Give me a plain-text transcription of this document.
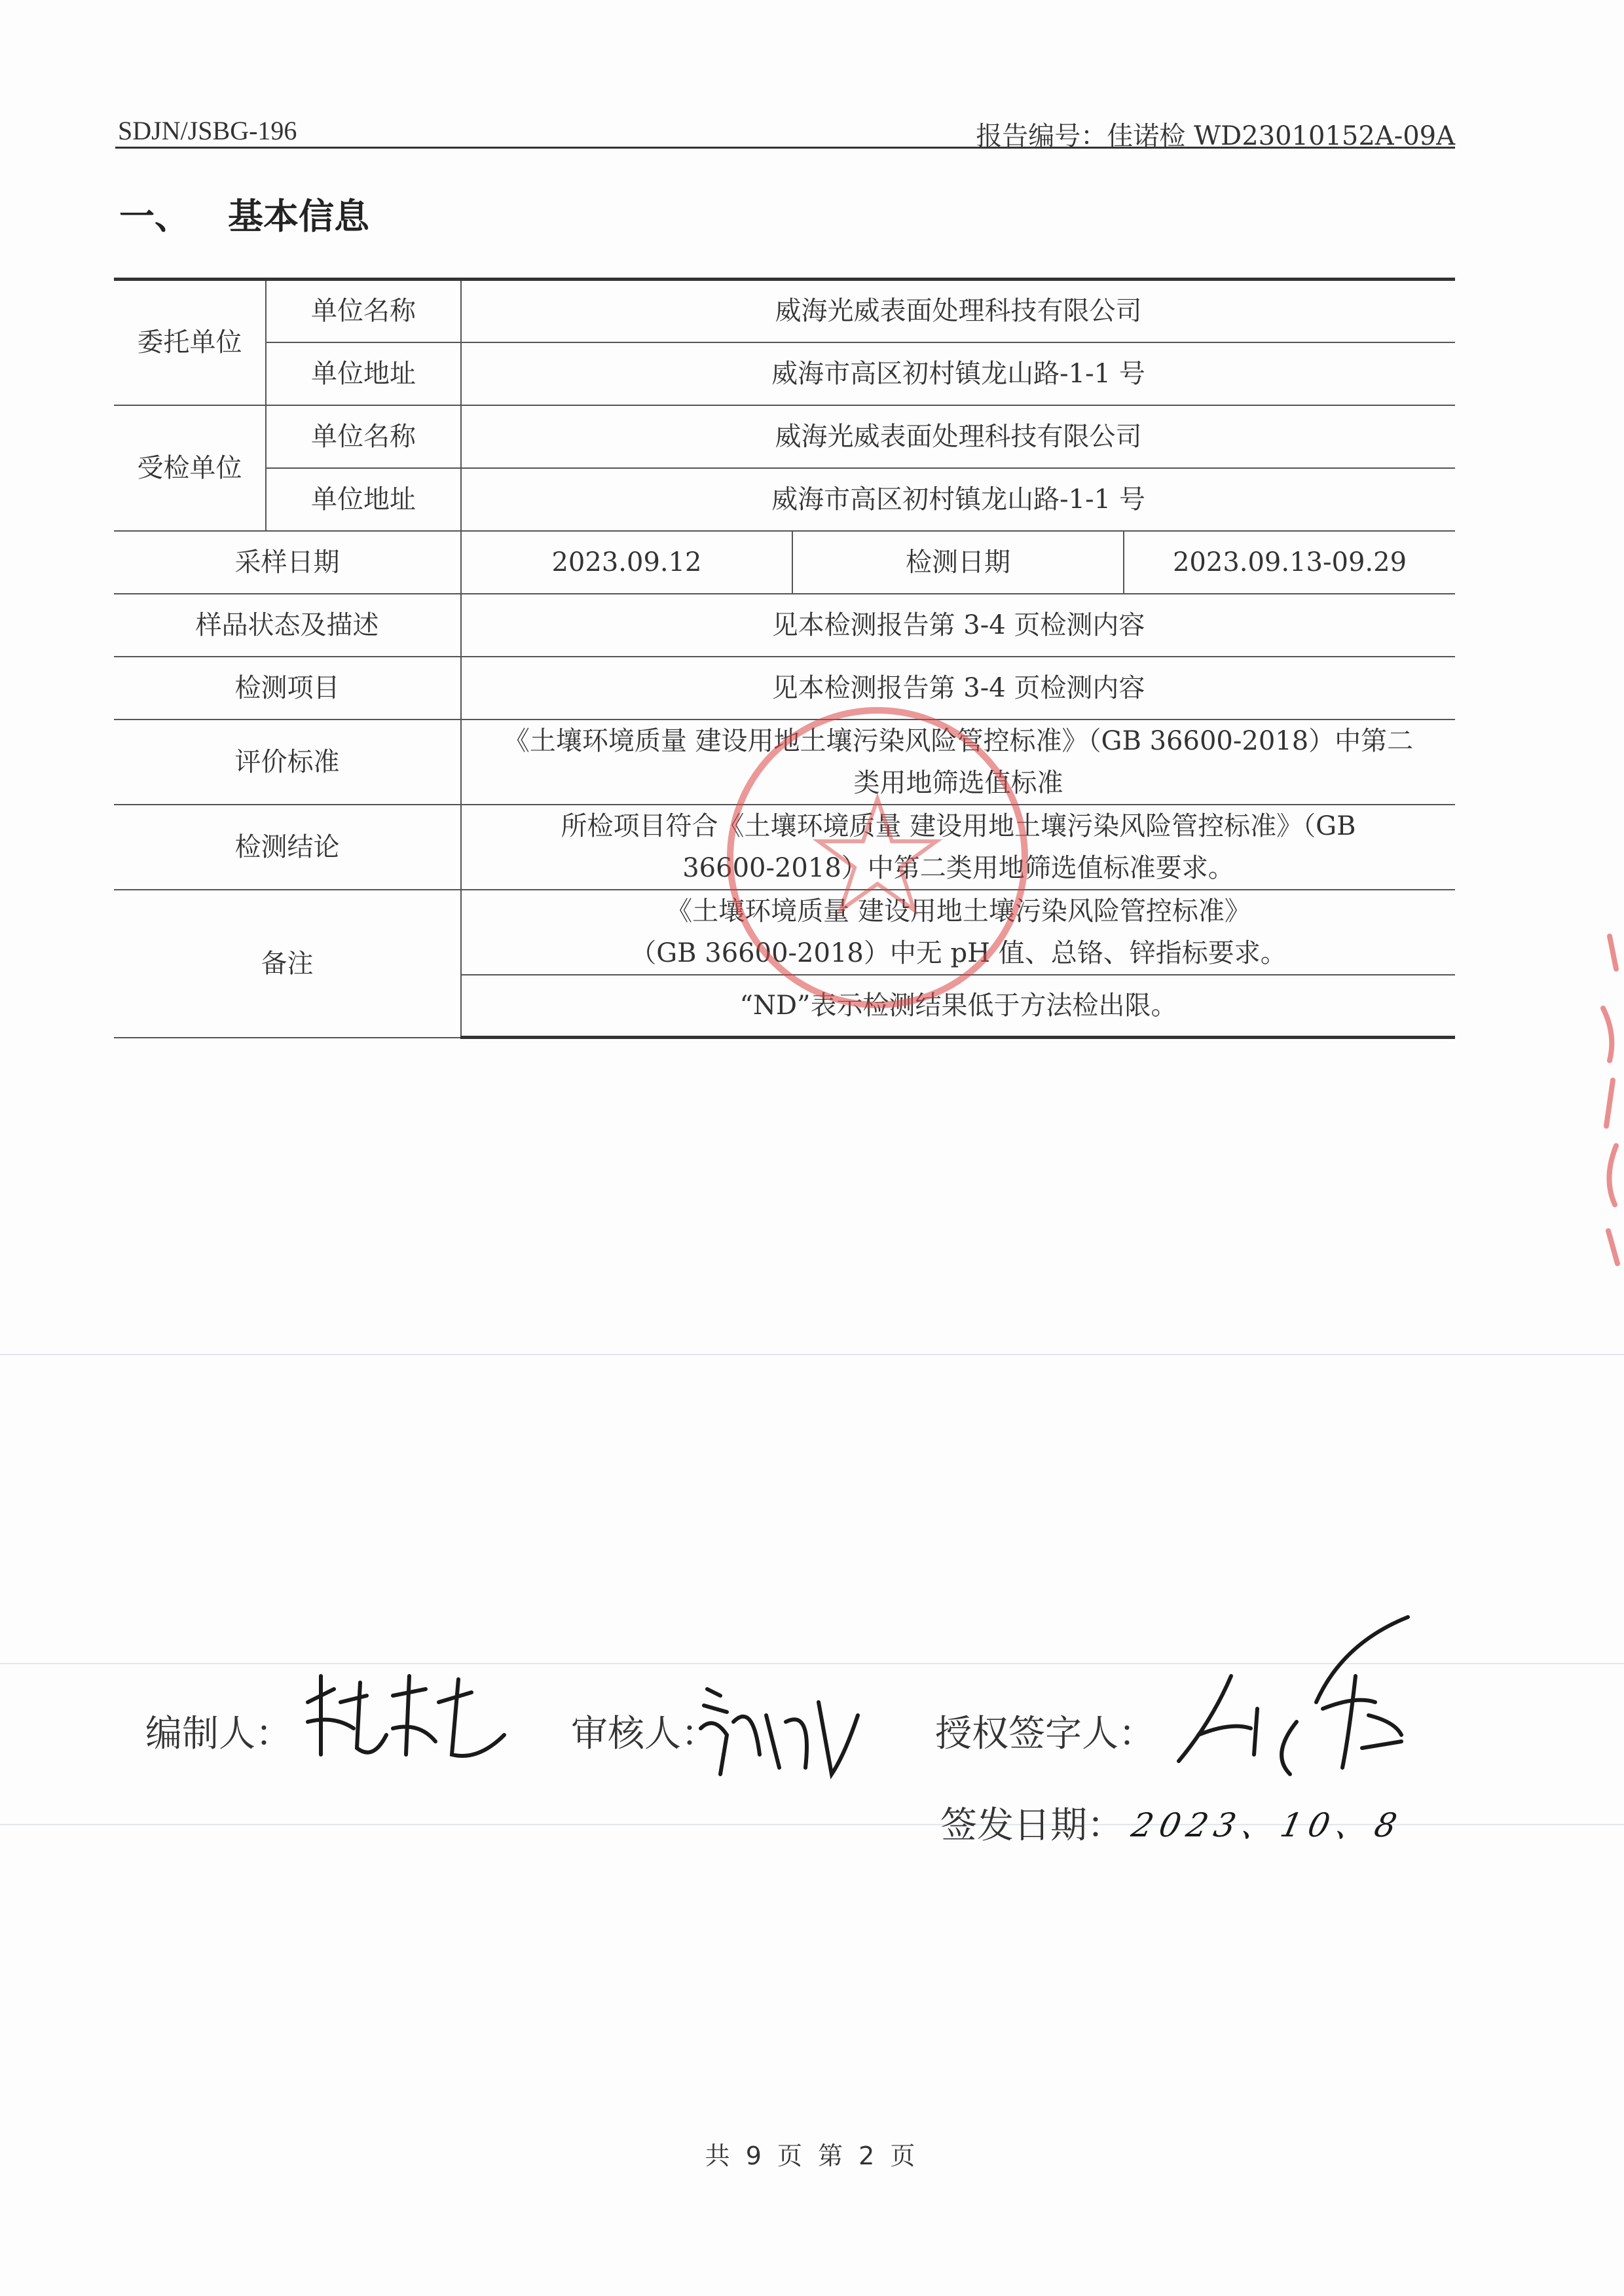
SDJN/JSBG-196	报告编号：佳诺检 WD23010152A-09A
一、 基本信息
委托单位	单位名称	威海光威表面处理科技有限公司		
	单位地址	威海市高区初村镇龙山路-1-1 号		
受检单位	单位名称	威海光威表面处理科技有限公司		
	单位地址	威海市高区初村镇龙山路-1-1 号		
采样日期		2023.09.12	检测日期	2023.09.13-09.29
样品状态及描述		见本检测报告第 3-4 页检测内容		
检测项目		见本检测报告第 3-4 页检测内容		
评价标准		《土壤环境质量 建设用地土壤污染风险管控标准》（GB 36600-2018）中第二
类用地筛选值标准		

检测结论		所检项目符合《土壤环境质量 建设用地土壤污染风险管控标准》（GB
36600-2018）中第二类用地筛选值标准要求。		

备注		《土壤环境质量 建设用地土壤污染风险管控标准》
（GB 36600-2018）中无 pH 值、总铬、锌指标要求。		

		“ND”表示检测结果低于方法检出限。		
编制人：	审核人：	授权签字人：
签发日期： 2023、10、8
共 9 页 第 2 页
